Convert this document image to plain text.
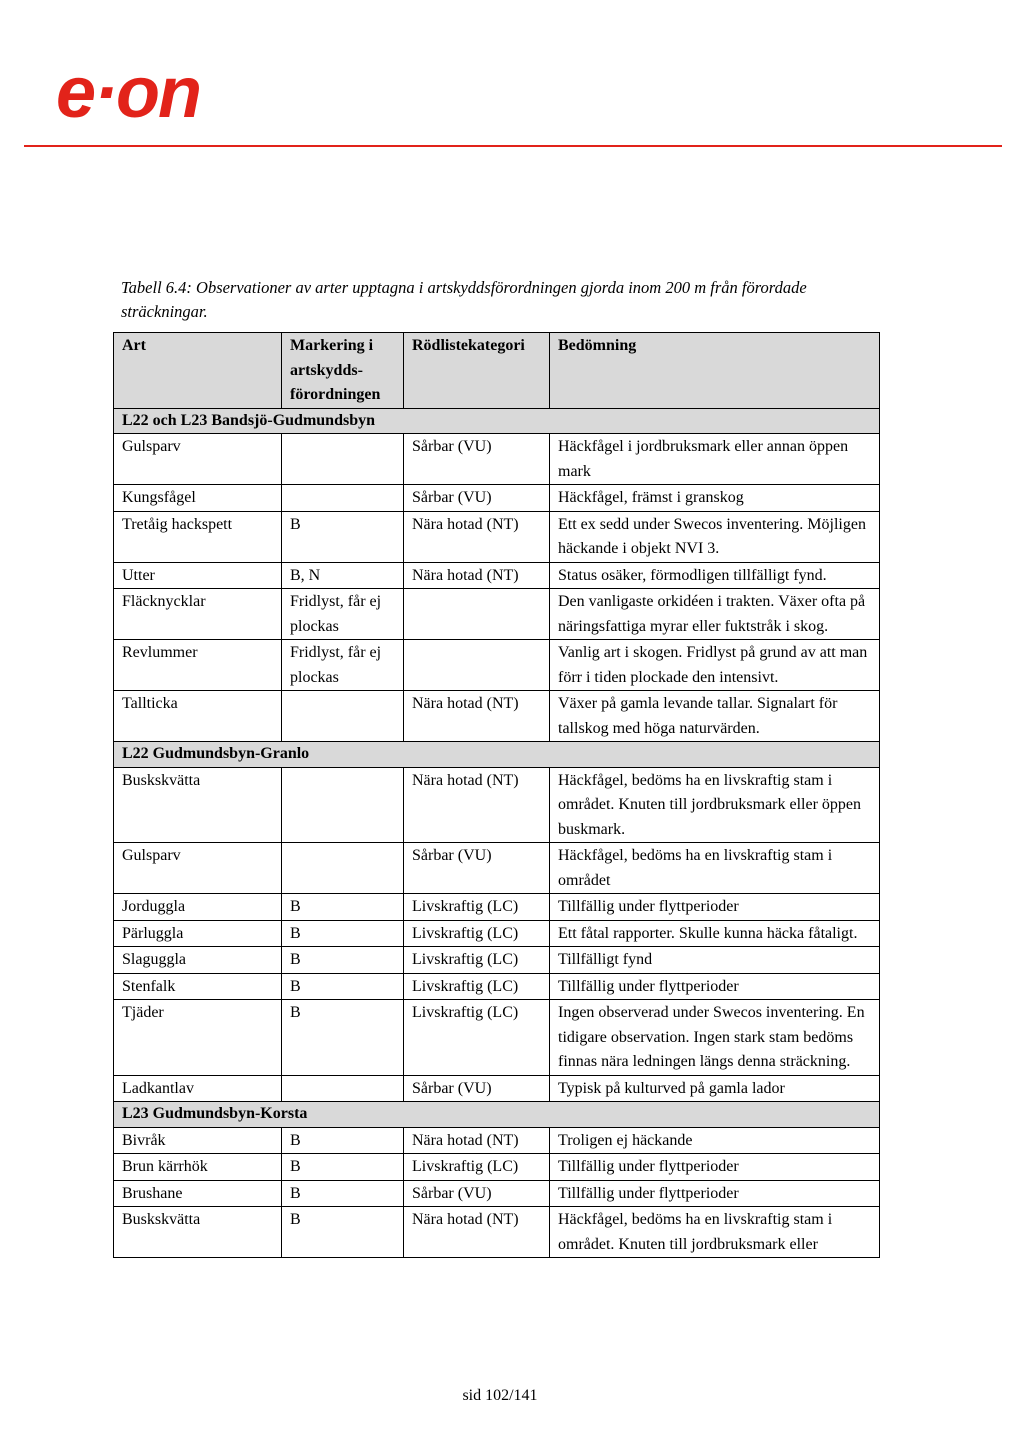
e·on
Tabell 6.4: Observationer av arter upptagna i artskyddsförordningen gjorda inom 200 m från förordade sträckningar.
Art	Markering i artskydds-förordningen	Rödlistekategori	Bedömning
L22 och L23 Bandsjö-Gudmundsbyn			
Gulsparv		Sårbar (VU)	Häckfågel i jordbruksmark eller annan öppen mark
Kungsfågel		Sårbar (VU)	Häckfågel, främst i granskog
Tretåig hackspett	B	Nära hotad (NT)	Ett ex sedd under Swecos inventering. Möjligen häckande i objekt NVI 3.
Utter	B, N	Nära hotad (NT)	Status osäker, förmodligen tillfälligt fynd.
Fläcknycklar	Fridlyst, får ej plockas		Den vanligaste orkidéen i trakten. Växer ofta på näringsfattiga myrar eller fuktstråk i skog.
Revlummer	Fridlyst, får ej plockas		Vanlig art i skogen. Fridlyst på grund av att man förr i tiden plockade den intensivt.
Tallticka		Nära hotad (NT)	Växer på gamla levande tallar. Signalart för tallskog med höga naturvärden.
L22 Gudmundsbyn-Granlo			
Buskskvätta		Nära hotad (NT)	Häckfågel, bedöms ha en livskraftig stam i området. Knuten till jordbruksmark eller öppen buskmark.
Gulsparv		Sårbar (VU)	Häckfågel, bedöms ha en livskraftig stam i området
Jorduggla	B	Livskraftig (LC)	Tillfällig under flyttperioder
Pärluggla	B	Livskraftig (LC)	Ett fåtal rapporter. Skulle kunna häcka fåtaligt.
Slaguggla	B	Livskraftig (LC)	Tillfälligt fynd
Stenfalk	B	Livskraftig (LC)	Tillfällig under flyttperioder
Tjäder	B	Livskraftig (LC)	Ingen observerad under Swecos inventering. En tidigare observation. Ingen stark stam bedöms finnas nära ledningen längs denna sträckning.
Ladkantlav		Sårbar (VU)	Typisk på kulturved på gamla lador
L23 Gudmundsbyn-Korsta			
Bivråk	B	Nära hotad (NT)	Troligen ej häckande
Brun kärrhök	B	Livskraftig (LC)	Tillfällig under flyttperioder
Brushane	B	Sårbar (VU)	Tillfällig under flyttperioder
Buskskvätta	B	Nära hotad (NT)	Häckfågel, bedöms ha en livskraftig stam i området. Knuten till jordbruksmark eller
sid 102/141
